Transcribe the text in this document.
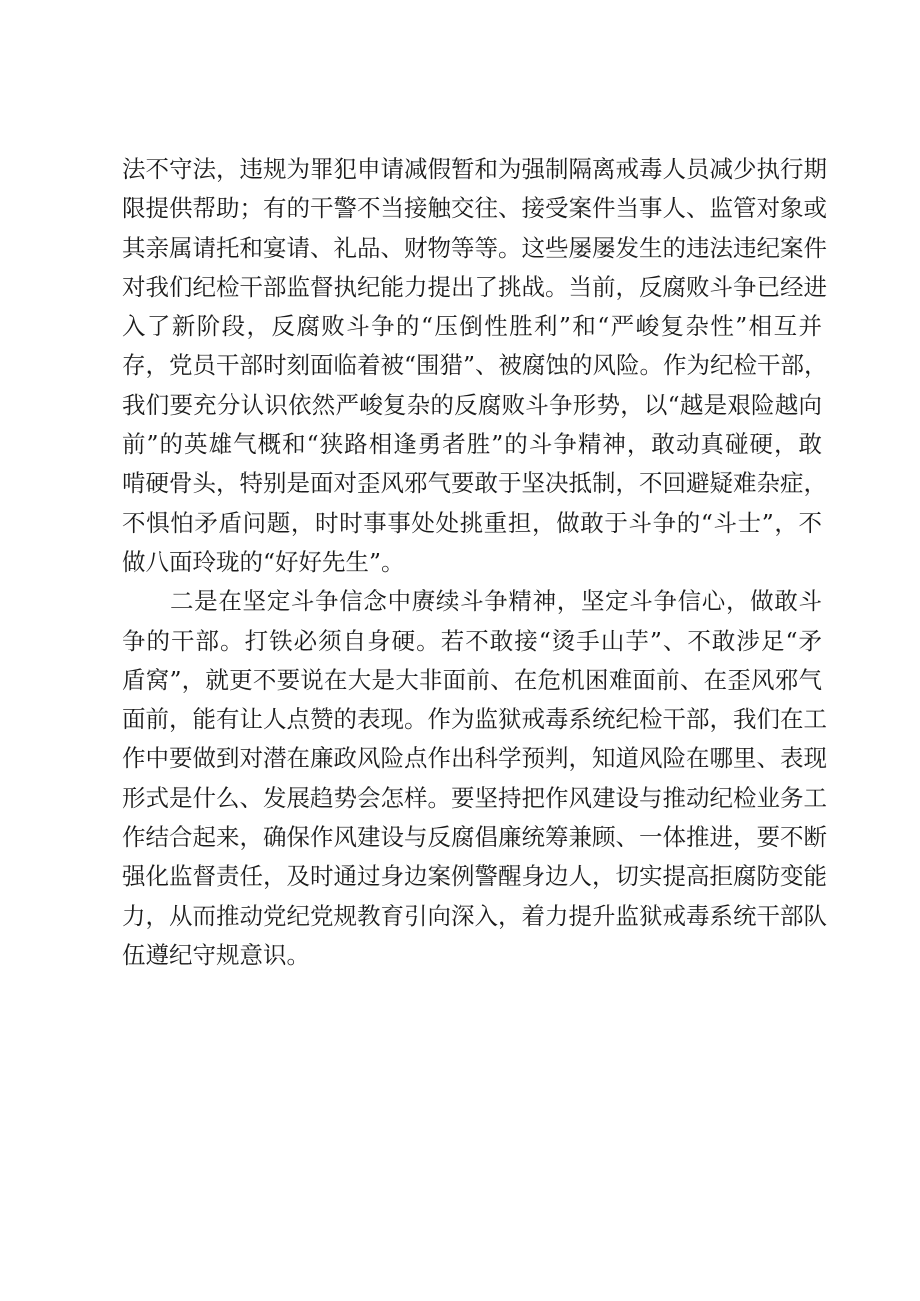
法不守法，违规为罪犯申请减假暂和为强制隔离戒毒人员减少执行期
限提供帮助；有的干警不当接触交往、接受案件当事人、监管对象或
其亲属请托和宴请、礼品、财物等等。这些屡屡发生的违法违纪案件
对我们纪检干部监督执纪能力提出了挑战。当前，反腐败斗争已经进
入了新阶段，反腐败斗争的“压倒性胜利”和“严峻复杂性”相互并
存，党员干部时刻面临着被“围猎”、被腐蚀的风险。作为纪检干部，
我们要充分认识依然严峻复杂的反腐败斗争形势，以“越是艰险越向
前”的英雄气概和“狭路相逢勇者胜”的斗争精神，敢动真碰硬，敢
啃硬骨头，特别是面对歪风邪气要敢于坚决抵制，不回避疑难杂症，
不惧怕矛盾问题，时时事事处处挑重担，做敢于斗争的“斗士”，不
做八面玲珑的“好好先生”。
二是在坚定斗争信念中赓续斗争精神，坚定斗争信心，做敢斗
争的干部。打铁必须自身硬。若不敢接“烫手山芋”、不敢涉足“矛
盾窝”，就更不要说在大是大非面前、在危机困难面前、在歪风邪气
面前，能有让人点赞的表现。作为监狱戒毒系统纪检干部，我们在工
作中要做到对潜在廉政风险点作出科学预判，知道风险在哪里、表现
形式是什么、发展趋势会怎样。要坚持把作风建设与推动纪检业务工
作结合起来，确保作风建设与反腐倡廉统筹兼顾、一体推进，要不断
强化监督责任，及时通过身边案例警醒身边人，切实提高拒腐防变能
力，从而推动党纪党规教育引向深入，着力提升监狱戒毒系统干部队
伍遵纪守规意识。
